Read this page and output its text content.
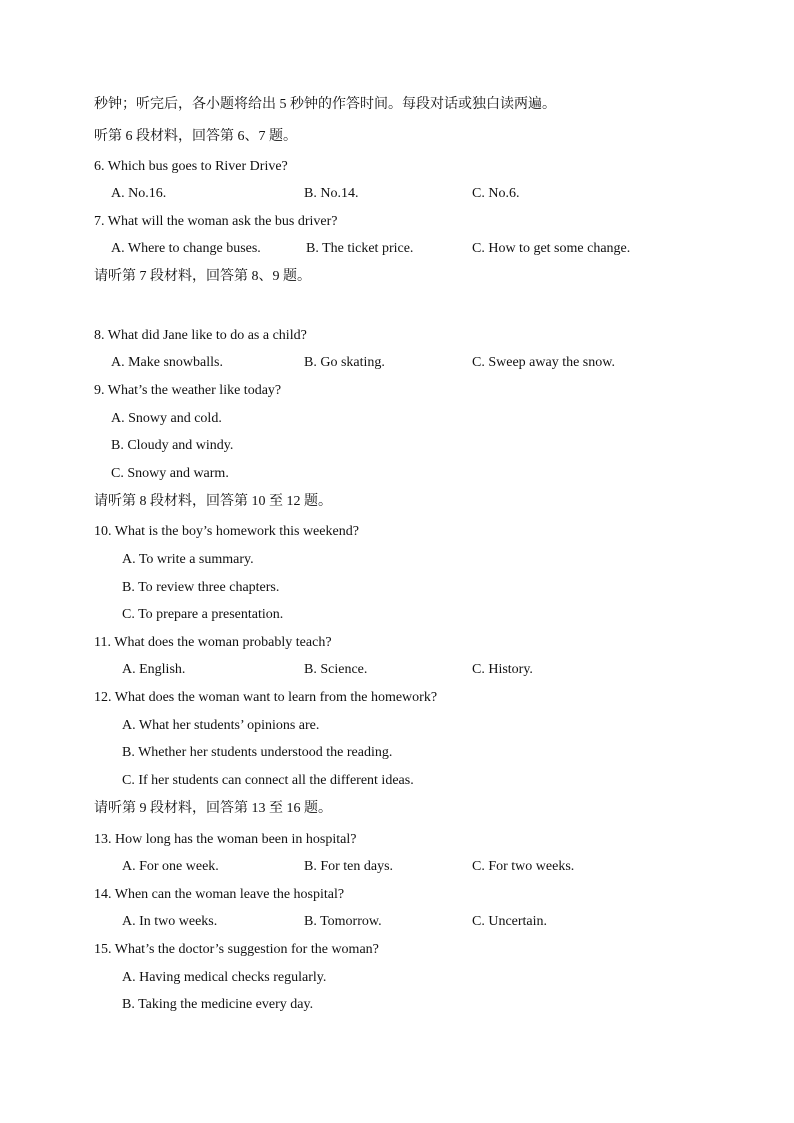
秒钟；听完后，各小题将给出 5 秒钟的作答时间。每段对话或独白读两遍。
听第 6 段材料，回答第 6、7 题。
6. Which bus goes to River Drive?
A. No.16.	B. No.14.	C. No.6.
7. What will the woman ask the bus driver?
A. Where to change buses.	B. The ticket price.	C. How to get some change.
请听第 7 段材料，回答第 8、9 题。
8. What did Jane like to do as a child?
A. Make snowballs.	B. Go skating.	C. Sweep away the snow.
9. What’s the weather like today?
A. Snowy and cold.
B. Cloudy and windy.
C. Snowy and warm.
请听第 8 段材料，回答第 10 至 12 题。
10. What is the boy’s homework this weekend?
A. To write a summary.
B. To review three chapters.
C. To prepare a presentation.
11. What does the woman probably teach?
A. English.	B. Science.	C. History.
12. What does the woman want to learn from the homework?
A. What her students’ opinions are.
B. Whether her students understood the reading.
C. If her students can connect all the different ideas.
请听第 9 段材料，回答第 13 至 16 题。
13. How long has the woman been in hospital?
A. For one week.	B. For ten days.	C. For two weeks.
14. When can the woman leave the hospital?
A. In two weeks.	B. Tomorrow.	C. Uncertain.
15. What’s the doctor’s suggestion for the woman?
A. Having medical checks regularly.
B. Taking the medicine every day.
